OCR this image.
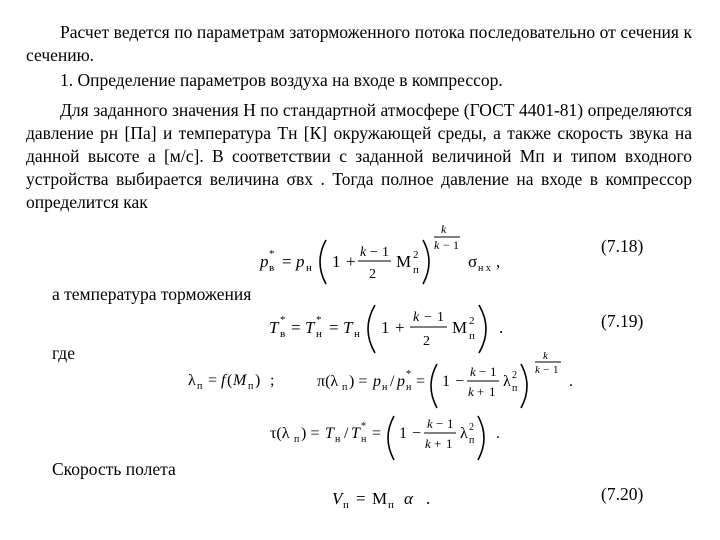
Расчет ведется по параметрам заторможенного потока последовательно от сечения к сечению.
1. Определение параметров воздуха на входе в компрессор.
Для заданного значения H по стандартной атмосфере (ГОСТ 4401-81) определяются давление pн [Па] и температура Tн [К] окружающей среды, а также скорость звука на данной высоте a [м/с]. В соответствии с заданной величиной Mп и типом входного устройства выбирается величина σвх . Тогда полное давление на входе в компрессор определится как
p *
в = p н 1 + k − 1
2
M 2
п
k
k − 1
σ н х ,
(7.18)
а температура торможения
T *
в = T *
н = T н 1 +
k − 1
2
M 2
п .	(7.19)
где
λ п = f ( M п ) ;	π(λ п ) = p н / p *
н = 1 −
k − 1
k + 1
λ 2
п
k
k − 1
.
τ(λ п ) = T н / T *
н = 1 −
k − 1
k + 1
λ 2
п .
Скорость полета
V п = M п α .	(7.20)
